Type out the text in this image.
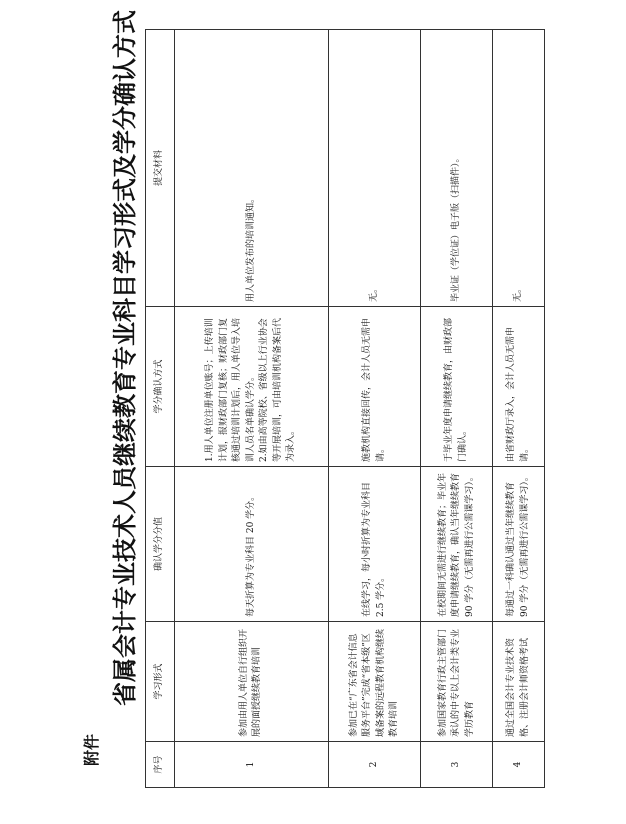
附件
省属会计专业技术人员继续教育专业科目学习形式及学分确认方式
序号	学习形式	确认学分分值	学分确认方式	提交材料
1	参加由用人单位自行组织开展的面授继续教育培训	每天折算为专业科目 20 学分。	1.用人单位注册单位账号；上传培训计划，报财政部门复核；财政部门复核通过培训计划后，用人单位导入培训人员名单确认学分。 2.如由高等院校、省级以上行业协会等开展培训，可由培训机构备案后代为录入。	用人单位发布的培训通知。
2	参加已在“广东省会计信息服务平台”完成“省本级”区域备案的远程教育机构继续教育培训	在线学习，每小时折算为专业科目 2.5 学分。	施教机构直接回传，会计人员无需申请。	无。
3	参加国家教育行政主管部门承认的中专以上会计类专业学历教育	在校期间无需进行继续教育；毕业年度申请继续教育，确认当年继续教育 90 学分（无需再进行公需课学习）。	于毕业年度申请继续教育，由财政部门确认。	毕业证（学位证）电子版（扫描件）。
4	通过全国会计专业技术资格、注册会计师资格考试	每通过一科确认通过当年继续教育 90 学分（无需再进行公需课学习）。	由省财政厅录入，会计人员无需申请。	无。
